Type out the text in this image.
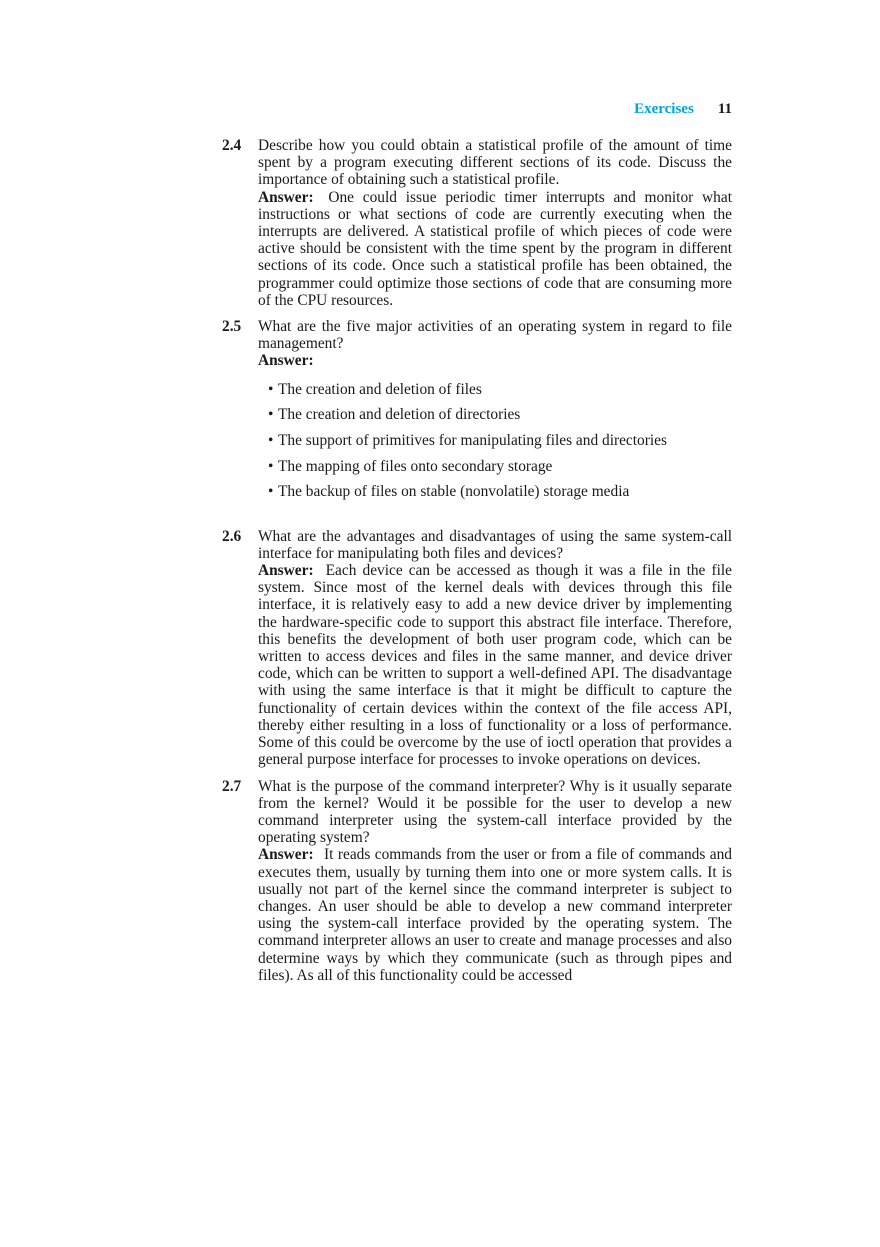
Exercises 11
2.4	Describe how you could obtain a statistical profile of the amount of time spent by a program executing different sections of its code. Discuss the importance of obtaining such a statistical profile.
Answer: One could issue periodic timer interrupts and monitor what instructions or what sections of code are currently executing when the interrupts are delivered. A statistical profile of which pieces of code were active should be consistent with the time spent by the program in different sections of its code. Once such a statistical profile has been obtained, the programmer could optimize those sections of code that are consuming more of the CPU resources.
2.5	What are the five major activities of an operating system in regard to file management?
Answer:
• The creation and deletion of files
• The creation and deletion of directories
• The support of primitives for manipulating files and directories
• The mapping of files onto secondary storage
• The backup of files on stable (nonvolatile) storage media
2.6	What are the advantages and disadvantages of using the same system-call interface for manipulating both files and devices?
Answer: Each device can be accessed as though it was a file in the file system. Since most of the kernel deals with devices through this file interface, it is relatively easy to add a new device driver by implementing the hardware-specific code to support this abstract file interface. Therefore, this benefits the development of both user program code, which can be written to access devices and files in the same manner, and device driver code, which can be written to support a well-defined API. The disadvantage with using the same interface is that it might be difficult to capture the functionality of certain devices within the context of the file access API, thereby either resulting in a loss of functionality or a loss of performance. Some of this could be overcome by the use of ioctl operation that provides a general purpose interface for processes to invoke operations on devices.
2.7	What is the purpose of the command interpreter? Why is it usually separate from the kernel? Would it be possible for the user to develop a new command interpreter using the system-call interface provided by the operating system?
Answer: It reads commands from the user or from a file of commands and executes them, usually by turning them into one or more system calls. It is usually not part of the kernel since the command interpreter is subject to changes. An user should be able to develop a new command interpreter using the system-call interface provided by the operating system. The command interpreter allows an user to create and manage processes and also determine ways by which they communicate (such as through pipes and files). As all of this functionality could be accessed
